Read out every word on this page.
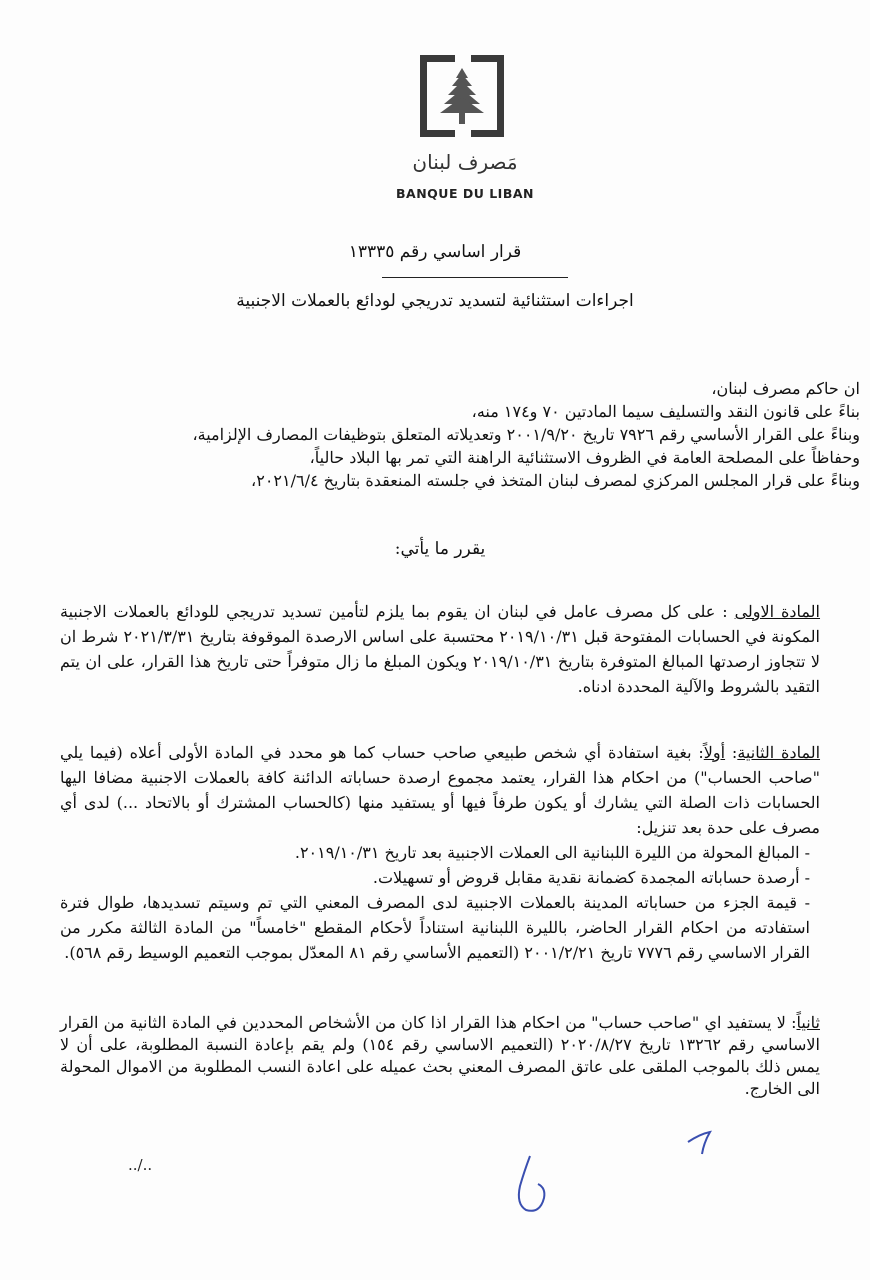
مَصرف لبنان
BANQUE DU LIBAN
قرار اساسي رقم ١٣٣٣٥
اجراءات استثنائية لتسديد تدريجي لودائع بالعملات الاجنبية

ان حاكم مصرف لبنان،

بناءً على قانون النقد والتسليف سيما المادتين ٧٠ و١٧٤ منه،

وبناءً على القرار الأساسي رقم ٧٩٢٦ تاريخ ٢٠٠١/٩/٢٠ وتعديلاته المتعلق بتوظيفات المصارف الإلزامية،

وحفاظاً على المصلحة العامة في الظروف الاستثنائية الراهنة التي تمر بها البلاد حالياً،

وبناءً على قرار المجلس المركزي لمصرف لبنان المتخذ في جلسته المنعقدة بتاريخ ٢٠٢١/٦/٤،

يقرر ما يأتي:

المادة الاولى : على كل مصرف عامل في لبنان ان يقوم بما يلزم لتأمين تسديد تدريجي للودائع بالعملات الاجنبية المكونة في الحسابات المفتوحة قبل ٢٠١٩/١٠/٣١ محتسبة على اساس الارصدة الموقوفة بتاريخ ٢٠٢١/٣/٣١ شرط ان لا تتجاوز ارصدتها المبالغ المتوفرة بتاريخ ٢٠١٩/١٠/٣١ ويكون المبلغ ما زال متوفراً حتى تاريخ هذا القرار، على ان يتم التقيد بالشروط والآلية المحددة ادناه.

المادة الثانية: أولاً: بغية استفادة أي شخص طبيعي صاحب حساب كما هو محدد في المادة الأولى أعلاه (فيما يلي "صاحب الحساب") من احكام هذا القرار، يعتمد مجموع ارصدة حساباته الدائنة كافة بالعملات الاجنبية مضافا اليها الحسابات ذات الصلة التي يشارك أو يكون طرفاً فيها أو يستفيد منها (كالحساب المشترك أو بالاتحاد ...) لدى أي مصرف على حدة بعد تنزيل:

- المبالغ المحولة من الليرة اللبنانية الى العملات الاجنبية بعد تاريخ ٢٠١٩/١٠/٣١.

- أرصدة حساباته المجمدة كضمانة نقدية مقابل قروض أو تسهيلات.

- قيمة الجزء من حساباته المدينة بالعملات الاجنبية لدى المصرف المعني التي تم وسيتم تسديدها، طوال فترة استفادته من احكام القرار الحاضر، بالليرة اللبنانية استناداً لأحكام المقطع "خامساً" من المادة الثالثة مكرر من القرار الاساسي رقم ٧٧٧٦ تاريخ ٢٠٠١/٢/٢١ (التعميم الأساسي رقم ٨١ المعدّل بموجب التعميم الوسيط رقم ٥٦٨).

ثانياً: لا يستفيد اي "صاحب حساب" من احكام هذا القرار اذا كان من الأشخاص المحددين في المادة الثانية من القرار الاساسي رقم ١٣٢٦٢ تاريخ ٢٠٢٠/٨/٢٧ (التعميم الاساسي رقم ١٥٤) ولم يقم بإعادة النسبة المطلوبة، على أن لا يمس ذلك بالموجب الملقى على عاتق المصرف المعني بحث عميله على اعادة النسب المطلوبة من الاموال المحولة الى الخارج.

../..
